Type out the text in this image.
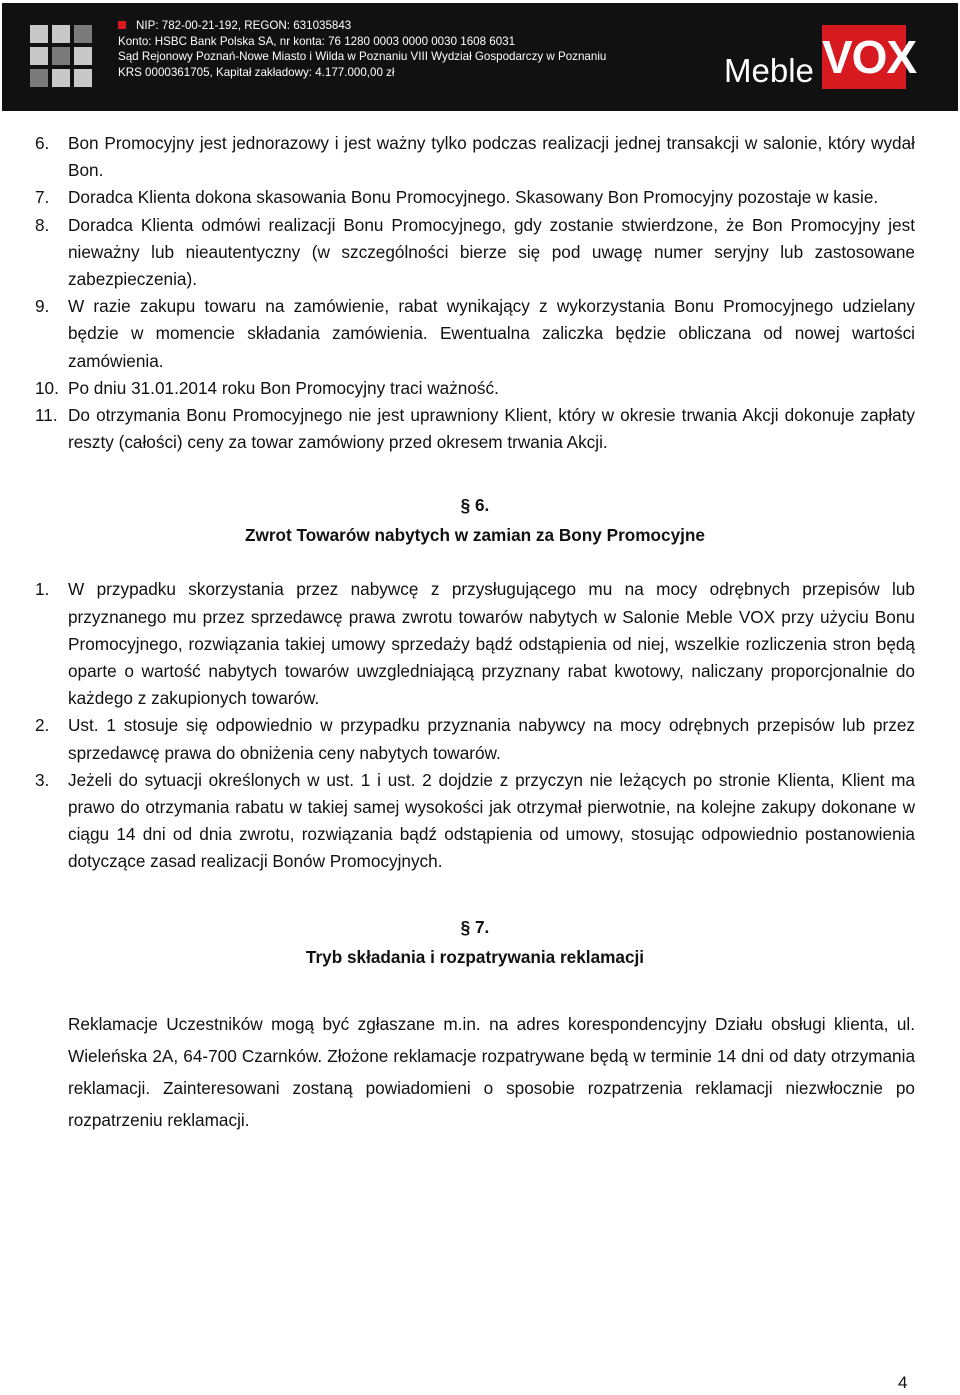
NIP: 782-00-21-192, REGON: 631035843
Konto: HSBC Bank Polska SA, nr konta: 76 1280 0003 0000 0030 1608 6031
Sąd Rejonowy Poznań-Nowe Miasto i Wilda w Poznaniu VIII Wydział Gospodarczy w Poznaniu
KRS 0000361705, Kapitał zakładowy: 4.177.000,00 zł	Meble VOX
6.	Bon Promocyjny jest jednorazowy i jest ważny tylko podczas realizacji jednej transakcji w salonie, który wydał Bon.
7.	Doradca Klienta dokona skasowania Bonu Promocyjnego. Skasowany Bon Promocyjny pozostaje w kasie.
8.	Doradca Klienta odmówi realizacji Bonu Promocyjnego, gdy zostanie stwierdzone, że Bon Promocyjny jest nieważny lub nieautentyczny (w szczególności bierze się pod uwagę numer seryjny lub zastosowane zabezpieczenia).
9.	W razie zakupu towaru na zamówienie, rabat wynikający z wykorzystania Bonu Promocyjnego udzielany będzie w momencie składania zamówienia. Ewentualna zaliczka będzie obliczana od nowej wartości zamówienia.
10. Po dniu 31.01.2014 roku Bon Promocyjny traci ważność.
11. Do otrzymania Bonu Promocyjnego nie jest uprawniony Klient, który w okresie trwania Akcji dokonuje zapłaty reszty (całości) ceny za towar zamówiony przed okresem trwania Akcji.
§ 6.
Zwrot Towarów nabytych w zamian za Bony Promocyjne
1.	W przypadku skorzystania przez nabywcę z przysługującego mu na mocy odrębnych przepisów lub przyznanego mu przez sprzedawcę prawa zwrotu towarów nabytych w Salonie Meble VOX przy użyciu Bonu Promocyjnego, rozwiązania takiej umowy sprzedaży bądź odstąpienia od niej, wszelkie rozliczenia stron będą oparte o wartość nabytych towarów uwzgledniającą przyznany rabat kwotowy, naliczany proporcjonalnie do każdego z zakupionych towarów.
2.	Ust. 1 stosuje się odpowiednio w przypadku przyznania nabywcy na mocy odrębnych przepisów lub przez sprzedawcę prawa do obniżenia ceny nabytych towarów.
3.	Jeżeli do sytuacji określonych w ust. 1 i ust. 2 dojdzie z przyczyn nie leżących po stronie Klienta, Klient ma prawo do otrzymania rabatu w takiej samej wysokości jak otrzymał pierwotnie, na kolejne zakupy dokonane w ciągu 14 dni od dnia zwrotu, rozwiązania bądź odstąpienia od umowy, stosując odpowiednio postanowienia dotyczące zasad realizacji Bonów Promocyjnych.
§ 7.
Tryb składania i rozpatrywania reklamacji
Reklamacje Uczestników mogą być zgłaszane m.in. na adres korespondencyjny Działu obsługi klienta, ul. Wieleńska 2A, 64-700 Czarnków. Złożone reklamacje rozpatrywane będą w terminie 14 dni od daty otrzymania reklamacji. Zainteresowani zostaną powiadomieni o sposobie rozpatrzenia reklamacji niezwłocznie po rozpatrzeniu reklamacji.
4
